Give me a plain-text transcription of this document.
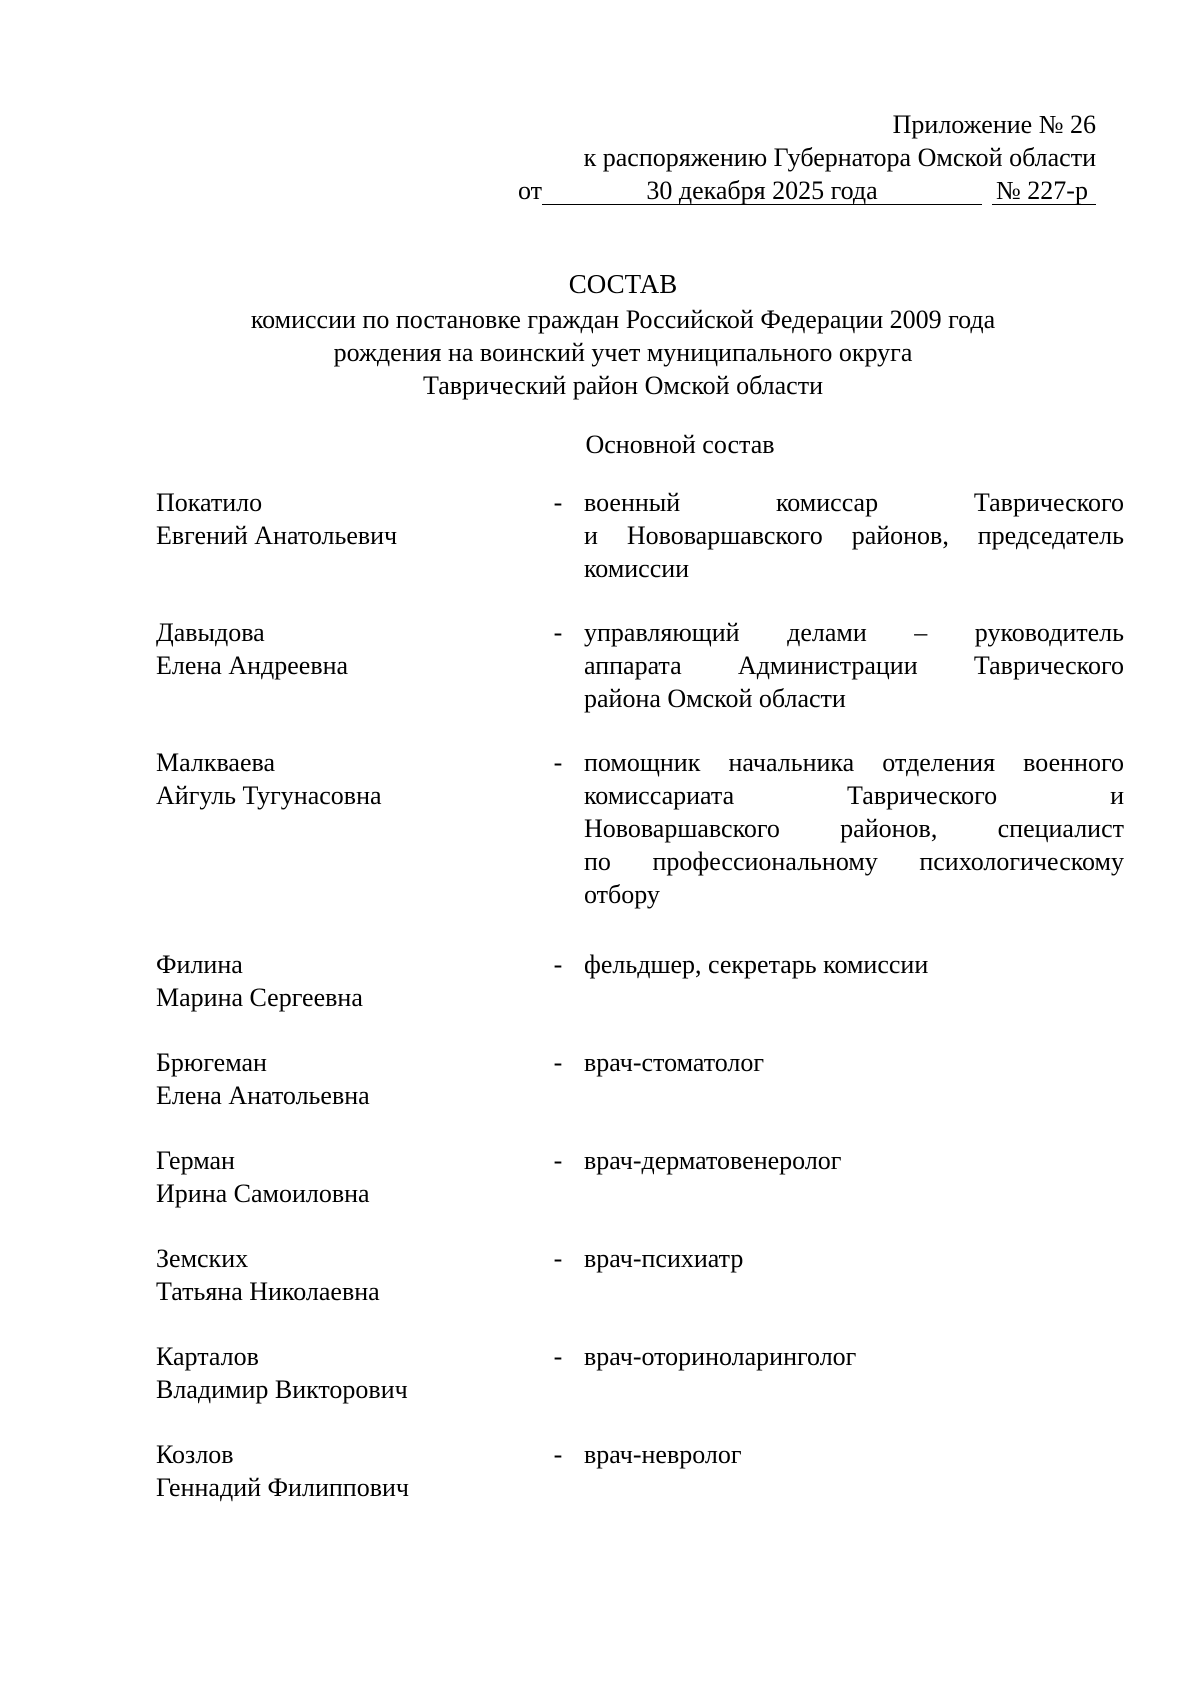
Приложение № 26
к распоряжению Губернатора Омской области
от	30 декабря 2025 года	№ 227-р
СОСТАВ
комиссии по постановке граждан Российской Федерации 2009 года
рождения на воинский учет муниципального округа
Таврический район Омской области
Основной состав
Покатило
Евгений Анатольевич
- военный комиссар Таврического
и Нововаршавского районов, председатель
комиссии
Давыдова
Елена Андреевна
- управляющий делами – руководитель
аппарата Администрации Таврического
района Омской области
Малкваева
Айгуль Тугунасовна
- помощник начальника отделения военного
комиссариата Таврического и
Нововаршавского районов, специалист
по профессиональному психологическому
отбору
Филина
Марина Сергеевна
- фельдшер, секретарь комиссии
Брюгеман
Елена Анатольевна
- врач-стоматолог
Герман
Ирина Самоиловна
- врач-дерматовенеролог
Земских
Татьяна Николаевна
- врач-психиатр
Карталов
Владимир Викторович
- врач-оториноларинголог
Козлов
Геннадий Филиппович
- врач-невролог
